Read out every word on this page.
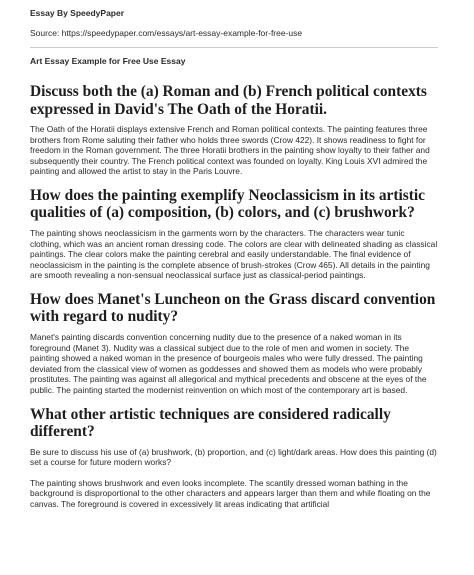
Essay By SpeedyPaper

Source: https://speedypaper.com/essays/art-essay-example-for-free-use

Art Essay Example for Free Use Essay

Discuss both the (a) Roman and (b) French political contexts expressed in David's The Oath of the Horatii.

The Oath of the Horatii displays extensive French and Roman political contexts. The painting features three brothers from Rome saluting their father who holds three swords (Crow 422). It shows readiness to fight for freedom in the Roman government. The three Horatii brothers in the painting show loyalty to their father and subsequently their country. The French political context was founded on loyalty. King Louis XVI admired the painting and allowed the artist to stay in the Paris Louvre.

How does the painting exemplify Neoclassicism in its artistic qualities of (a) composition, (b) colors, and (c) brushwork?

The painting shows neoclassicism in the garments worn by the characters. The characters wear tunic clothing, which was an ancient roman dressing code. The colors are clear with delineated shading as classical paintings. The clear colors make the painting cerebral and easily understandable. The final evidence of neoclassicism in the painting is the complete absence of brush-strokes (Crow 465). All details in the painting are smooth revealing a non-sensual neoclassical surface just as classical-period paintings.

How does Manet's Luncheon on the Grass discard convention with regard to nudity?

Manet's painting discards convention concerning nudity due to the presence of a naked woman in its foreground (Manet 3). Nudity was a classical subject due to the role of men and women in society. The painting showed a naked woman in the presence of bourgeois males who were fully dressed. The painting deviated from the classical view of women as goddesses and showed them as models who were probably prostitutes. The painting was against all allegorical and mythical precedents and obscene at the eyes of the public. The painting started the modernist reinvention on which most of the contemporary art is based.

What other artistic techniques are considered radically different?

Be sure to discuss his use of (a) brushwork, (b) proportion, and (c) light/dark areas. How does this painting (d) set a course for future modern works?

The painting shows brushwork and even looks incomplete. The scantily dressed woman bathing in the background is disproportional to the other characters and appears larger than them and while floating on the canvas. The foreground is covered in excessively lit areas indicating that artificial
